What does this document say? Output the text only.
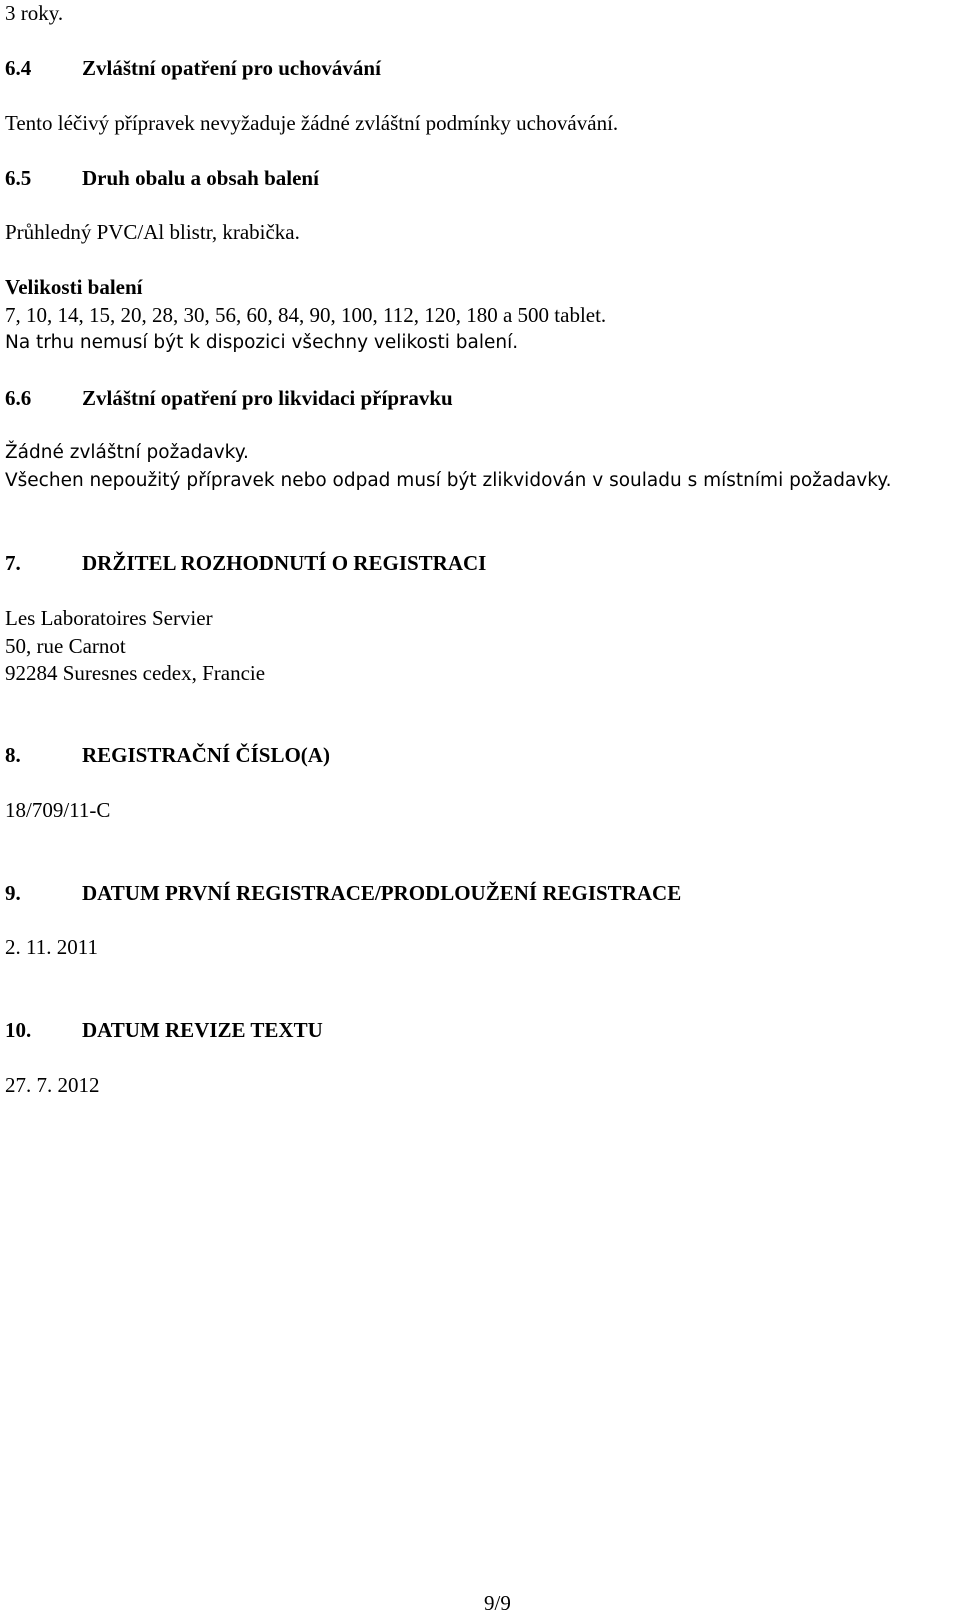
3 roky.
6.4 Zvláštní opatření pro uchovávání
Tento léčivý přípravek nevyžaduje žádné zvláštní podmínky uchovávání.
6.5 Druh obalu a obsah balení
Průhledný PVC/Al blistr, krabička.
Velikosti balení
7, 10, 14, 15, 20, 28, 30, 56, 60, 84, 90, 100, 112, 120, 180 a 500 tablet.
Na trhu nemusí být k dispozici všechny velikosti balení.
6.6 Zvláštní opatření pro likvidaci přípravku
Žádné zvláštní požadavky.
Všechen nepoužitý přípravek nebo odpad musí být zlikvidován v souladu s místními požadavky.
7.	DRŽITEL ROZHODNUTÍ O REGISTRACI
Les Laboratoires Servier
50, rue Carnot
92284 Suresnes cedex, Francie
8.	REGISTRAČNÍ ČÍSLO(A)
18/709/11-C
9.	DATUM PRVNÍ REGISTRACE/PRODLOUŽENÍ REGISTRACE
2. 11. 2011
10. DATUM REVIZE TEXTU
27. 7. 2012
9/9
